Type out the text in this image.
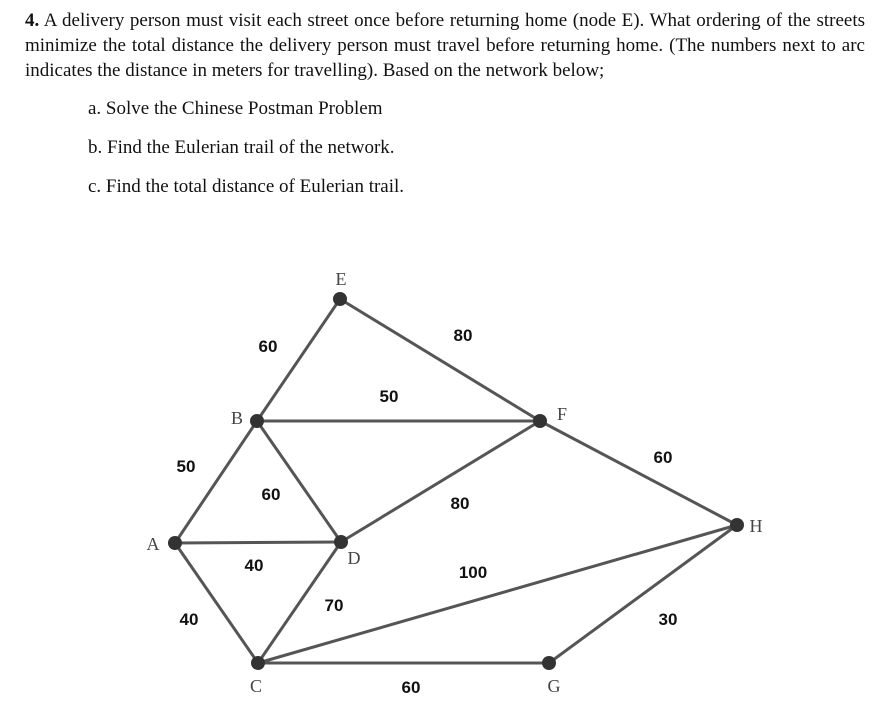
4. A delivery person must visit each street once before returning home (node E). What ordering of the streets minimize the total distance the delivery person must travel before returning home. (The numbers next to arc indicates the distance in meters for travelling). Based on the network below;
a. Solve the Chinese Postman Problem
b. Find the Eulerian trail of the network.
c. Find the total distance of Eulerian trail.
60
80
50
50
60	80
60
40	100
40
70
30
60
A
B
C
D
E
F
G
H
